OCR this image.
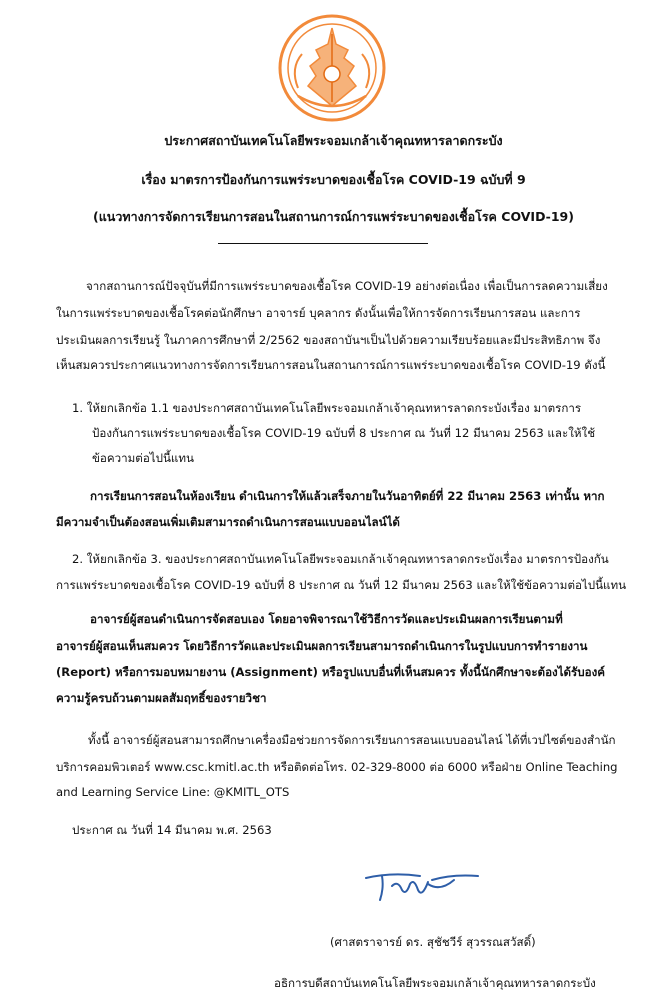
ประกาศสถาบันเทคโนโลยีพระจอมเกล้าเจ้าคุณทหารลาดกระบัง
เรื่อง มาตรการป้องกันการแพร่ระบาดของเชื้อโรค COVID-19 ฉบับที่ 9
(แนวทางการจัดการเรียนการสอนในสถานการณ์การแพร่ระบาดของเชื้อโรค COVID-19)
จากสถานการณ์ปัจจุบันที่มีการแพร่ระบาดของเชื้อโรค COVID-19 อย่างต่อเนื่อง เพื่อเป็นการลดความเสี่ยง
ในการแพร่ระบาดของเชื้อโรคต่อนักศึกษา อาจารย์ บุคลากร ดังนั้นเพื่อให้การจัดการเรียนการสอน และการ
ประเมินผลการเรียนรู้ ในภาคการศึกษาที่ 2/2562 ของสถาบันฯเป็นไปด้วยความเรียบร้อยและมีประสิทธิภาพ จึง
เห็นสมควรประกาศแนวทางการจัดการเรียนการสอนในสถานการณ์การแพร่ระบาดของเชื้อโรค COVID-19 ดังนี้
1. ให้ยกเลิกข้อ 1.1 ของประกาศสถาบันเทคโนโลยีพระจอมเกล้าเจ้าคุณทหารลาดกระบังเรื่อง มาตรการ
ป้องกันการแพร่ระบาดของเชื้อโรค COVID-19 ฉบับที่ 8 ประกาศ ณ วันที่ 12 มีนาคม 2563 และให้ใช้
ข้อความต่อไปนี้แทน
การเรียนการสอนในห้องเรียน ดำเนินการให้แล้วเสร็จภายในวันอาทิตย์ที่ 22 มีนาคม 2563 เท่านั้น หาก
มีความจำเป็นต้องสอนเพิ่มเติมสามารถดำเนินการสอนแบบออนไลน์ได้
2. ให้ยกเลิกข้อ 3. ของประกาศสถาบันเทคโนโลยีพระจอมเกล้าเจ้าคุณทหารลาดกระบังเรื่อง มาตรการป้องกัน
การแพร่ระบาดของเชื้อโรค COVID-19 ฉบับที่ 8 ประกาศ ณ วันที่ 12 มีนาคม 2563 และให้ใช้ข้อความต่อไปนี้แทน
อาจารย์ผู้สอนดำเนินการจัดสอบเอง โดยอาจพิจารณาใช้วิธีการวัดและประเมินผลการเรียนตามที่
อาจารย์ผู้สอนเห็นสมควร โดยวิธีการวัดและประเมินผลการเรียนสามารถดำเนินการในรูปแบบการทำรายงาน
(Report) หรือการมอบหมายงาน (Assignment) หรือรูปแบบอื่นที่เห็นสมควร ทั้งนี้นักศึกษาจะต้องได้รับองค์
ความรู้ครบถ้วนตามผลสัมฤทธิ์ของรายวิชา
ทั้งนี้ อาจารย์ผู้สอนสามารถศึกษาเครื่องมือช่วยการจัดการเรียนการสอนแบบออนไลน์ ได้ที่เวปไซต์ของสำนัก
บริการคอมพิวเตอร์ www.csc.kmitl.ac.th หรือติดต่อโทร. 02-329-8000 ต่อ 6000 หรือฝ่าย Online Teaching
and Learning Service Line: @KMITL_OTS
ประกาศ ณ วันที่ 14 มีนาคม พ.ศ. 2563
(ศาสตราจารย์ ดร. สุชัชวีร์ สุวรรณสวัสดิ์)
อธิการบดีสถาบันเทคโนโลยีพระจอมเกล้าเจ้าคุณทหารลาดกระบัง
